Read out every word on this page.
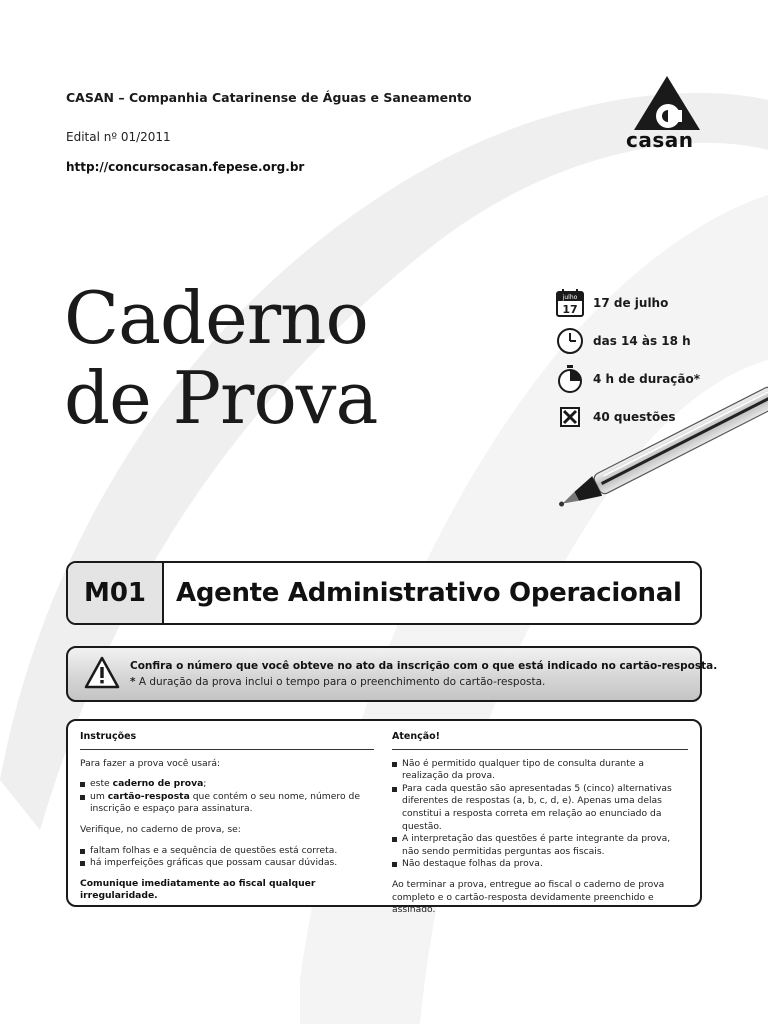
CASAN – Companhia Catarinense de Águas e Saneamento
Edital nº 01/2011
http://concursocasan.fepese.org.br
casan
Caderno
de Prova
julho
17 17 de julho
das 14 às 18 h
4 h de duração*
40 questões
M01	Agente Administrativo Operacional
Confira o número que você obteve no ato da inscrição com o que está indicado no cartão-resposta.
* A duração da prova inclui o tempo para o preenchimento do cartão-resposta.
Instruções

Para fazer a prova você usará:

este caderno de prova;
um cartão-resposta que contém o seu nome, número de inscrição e espaço para assinatura.

Verifique, no caderno de prova, se:

faltam folhas e a sequência de questões está correta.
há imperfeições gráficas que possam causar dúvidas.

Comunique imediatamente ao fiscal qualquer irregularidade.

Atenção!
Não é permitido qualquer tipo de consulta durante a realização da prova.
Para cada questão são apresentadas 5 (cinco) alternativas diferentes de respostas (a, b, c, d, e). Apenas uma delas constitui a resposta correta em relação ao enunciado da questão.
A interpretação das questões é parte integrante da prova, não sendo permitidas perguntas aos fiscais.
Não destaque folhas da prova.

Ao terminar a prova, entregue ao fiscal o caderno de prova completo e o cartão-resposta devidamente preenchido e assinado.
